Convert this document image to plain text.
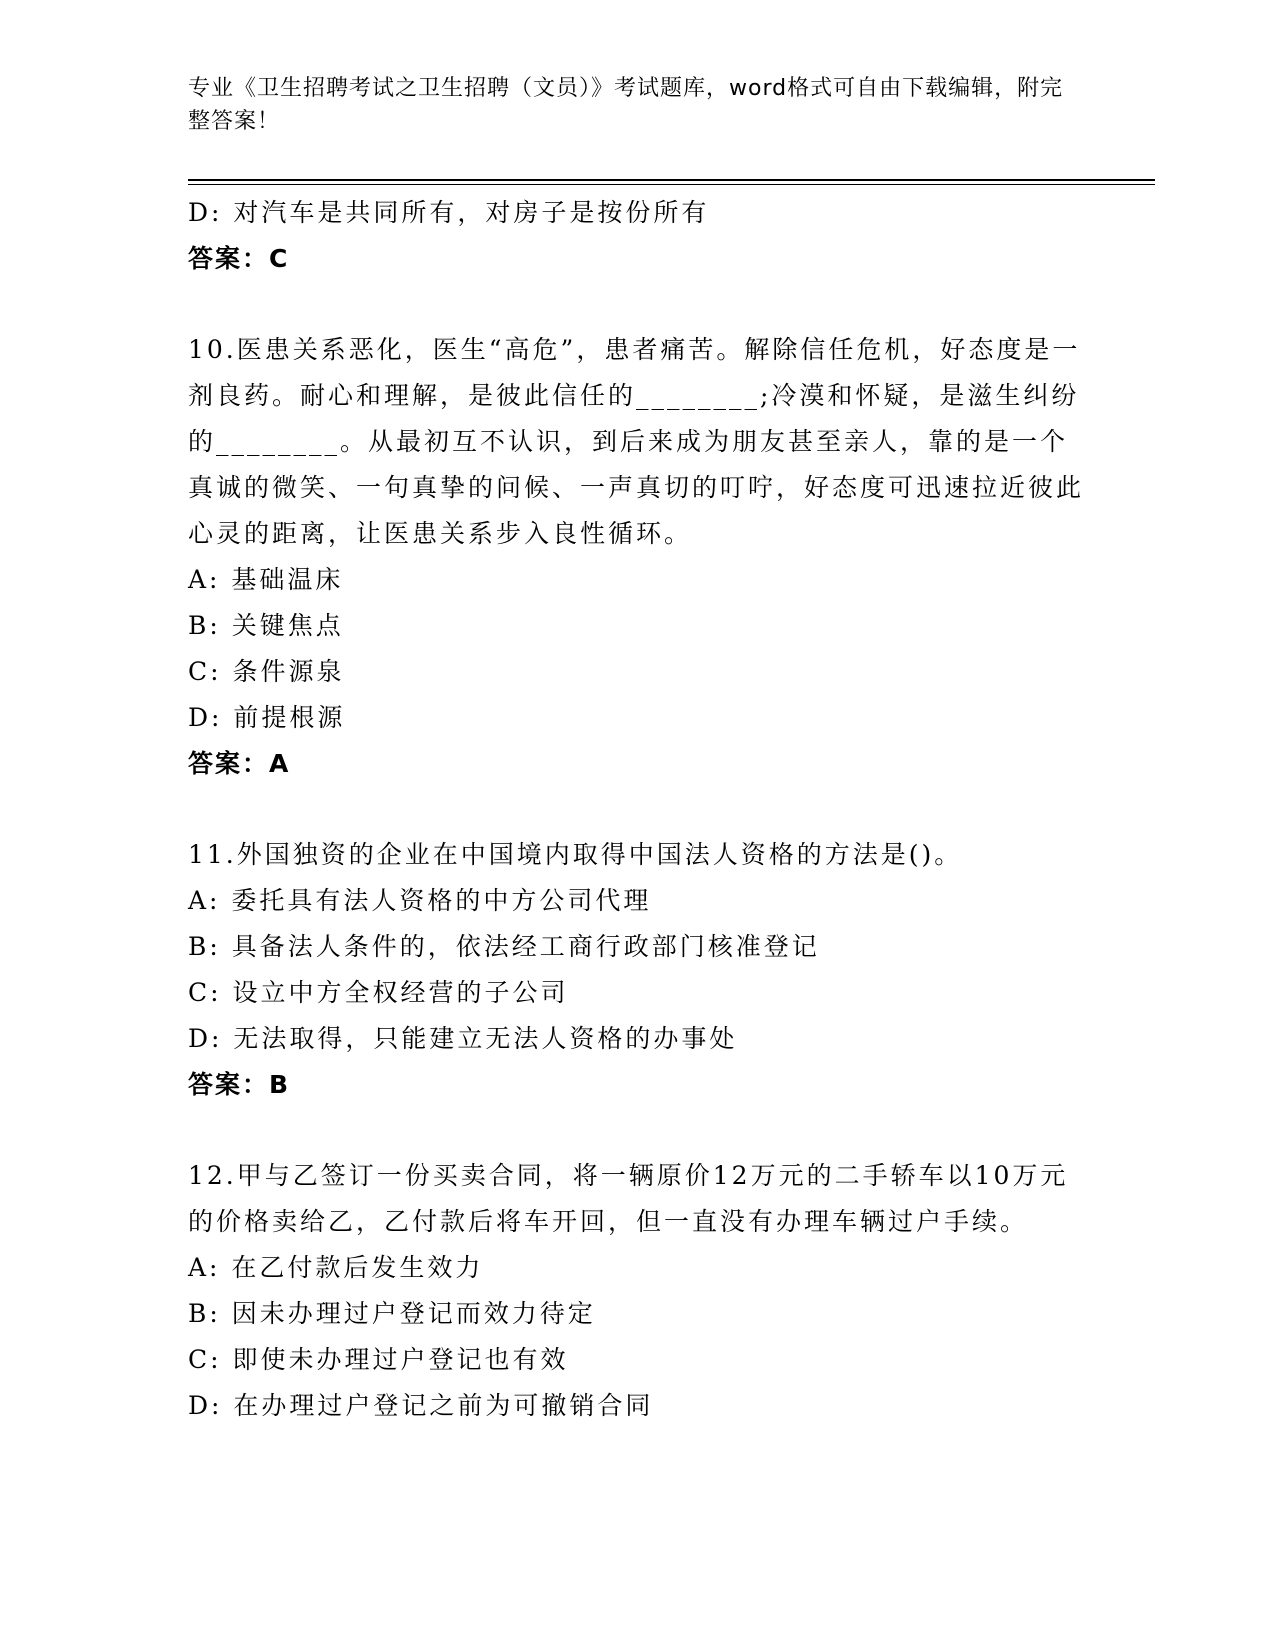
专业《卫生招聘考试之卫生招聘（文员）》考试题库，word格式可自由下载编辑，附完整答案！
D: 对汽车是共同所有，对房子是按份所有
答案：C
10.医患关系恶化，医生“高危”，患者痛苦。解除信任危机，好态度是一剂良药。耐心和理解，是彼此信任的________;冷漠和怀疑，是滋生纠纷的________。从最初互不认识，到后来成为朋友甚至亲人，靠的是一个真诚的微笑、一句真挚的问候、一声真切的叮咛，好态度可迅速拉近彼此心灵的距离，让医患关系步入良性循环。
A: 基础温床
B: 关键焦点
C: 条件源泉
D: 前提根源
答案：A
11.外国独资的企业在中国境内取得中国法人资格的方法是()。
A: 委托具有法人资格的中方公司代理
B: 具备法人条件的，依法经工商行政部门核准登记
C: 设立中方全权经营的子公司
D: 无法取得，只能建立无法人资格的办事处
答案：B
12.甲与乙签订一份买卖合同，将一辆原价12万元的二手轿车以10万元的价格卖给乙，乙付款后将车开回，但一直没有办理车辆过户手续。
A: 在乙付款后发生效力
B: 因未办理过户登记而效力待定
C: 即使未办理过户登记也有效
D: 在办理过户登记之前为可撤销合同
